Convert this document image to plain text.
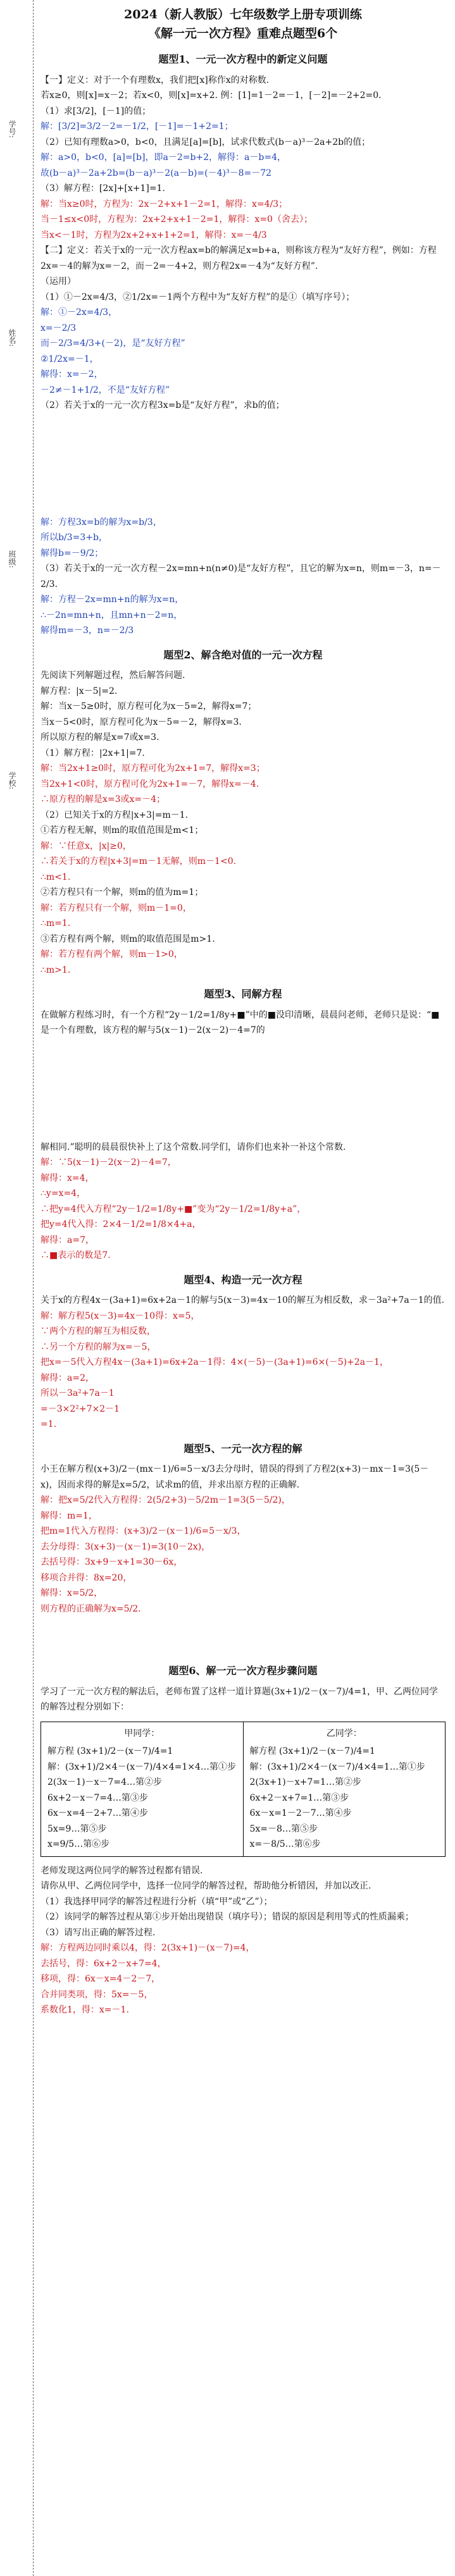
学号:
姓名:
班级:
学校:
2024（新人教版）七年级数学上册专项训练
《解一元一次方程》重难点题型6个
题型1、一元一次方程中的新定义问题

【一】定义：对于一个有理数x，我们把[x]称作x的对称数.

若x≥0，则[x]=x－2；若x<0，则[x]=x+2. 例：[1]=1－2=－1，[－2]=－2+2=0.

（1）求[3/2]，[－1]的值；

解：[3/2]=3/2－2=－1/2，[－1]=－1+2=1；

（2）已知有理数a>0，b<0，且满足[a]=[b]，试求代数式(b－a)³－2a+2b的值；

解：a>0，b<0，[a]=[b]，即a－2=b+2，解得：a－b=4，

故(b－a)³－2a+2b=(b－a)³－2(a－b)=(－4)³－8=－72

（3）解方程：[2x]+[x+1]=1.

解：当x≥0时，方程为：2x－2+x+1－2=1，解得：x=4/3；

当－1≤x<0时，方程为：2x+2+x+1－2=1，解得：x=0（舍去）；

当x<－1时，方程为2x+2+x+1+2=1，解得：x=－4/3

【二】定义：若关于x的一元一次方程ax=b的解满足x=b+a，则称该方程为“友好方程”，例如：方程2x=－4的解为x=－2，而－2=－4+2，则方程2x=－4为“友好方程”.

（运用）

（1）①－2x=4/3，②1/2x=－1两个方程中为“友好方程”的是①（填写序号）；

解：①－2x=4/3，

x=－2/3

而－2/3=4/3+(－2)，是“友好方程”

②1/2x=－1，

解得：x=－2，

－2≠－1+1/2，不是“友好方程”

（2）若关于x的一元一次方程3x=b是“友好方程”，求b的值；

解：方程3x=b的解为x=b/3，

所以b/3=3+b，

解得b=－9/2；

（3）若关于x的一元一次方程－2x=mn+n(n≠0)是“友好方程”，且它的解为x=n，则m=－3，n=－2/3.

解：方程－2x=mn+n的解为x=n，

∴－2n=mn+n，且mn+n－2=n，

解得m=－3，n=－2/3

题型2、解含绝对值的一元一次方程

先阅读下列解题过程，然后解答问题.

解方程：|x－5|=2.

解：当x－5≥0时，原方程可化为x－5=2，解得x=7；

当x－5<0时，原方程可化为x－5=－2，解得x=3.

所以原方程的解是x=7或x=3.

（1）解方程：|2x+1|=7.

解：当2x+1≥0时，原方程可化为2x+1=7，解得x=3；

当2x+1<0时，原方程可化为2x+1=－7，解得x=－4.

∴原方程的解是x=3或x=－4；

（2）已知关于x的方程|x+3|=m－1.

①若方程无解，则m的取值范围是m<1；

解：∵任意x，|x|≥0，

∴若关于x的方程|x+3|=m－1无解，则m－1<0.

∴m<1.

②若方程只有一个解，则m的值为m=1；

解：若方程只有一个解，则m－1=0，

∴m=1.

③若方程有两个解，则m的取值范围是m>1.

解：若方程有两个解，则m－1>0，

∴m>1.

题型3、同解方程

在做解方程练习时，有一个方程“2y－1/2=1/8y+■”中的■没印清晰，晨晨问老师，老师只是说：“■是一个有理数，该方程的解与5(x－1)－2(x－2)－4=7的

解相同.”聪明的晨晨很快补上了这个常数.同学们，请你们也来补一补这个常数.

解：∵5(x－1)－2(x－2)－4=7，

解得：x=4，

∴y=x=4，

∴把y=4代入方程“2y－1/2=1/8y+■”变为“2y－1/2=1/8y+a”，

把y=4代入得：2×4－1/2=1/8×4+a，

解得：a=7，

∴■表示的数是7.

题型4、构造一元一次方程

关于x的方程4x－(3a+1)=6x+2a－1的解与5(x－3)=4x－10的解互为相反数，求－3a²+7a－1的值.

解：解方程5(x－3)=4x－10得：x=5，

∵两个方程的解互为相反数，

∴另一个方程的解为x=－5，

把x=－5代入方程4x－(3a+1)=6x+2a－1得：4×(－5)－(3a+1)=6×(－5)+2a－1，

解得：a=2，

所以－3a²+7a－1

=－3×2²+7×2－1

=1.

题型5、一元一次方程的解

小王在解方程(x+3)/2－(mx－1)/6=5－x/3去分母时，错误的得到了方程2(x+3)－mx－1=3(5－x)，因而求得的解是x=5/2，试求m的值，并求出原方程的正确解.

解：把x=5/2代入方程得：2(5/2+3)－5/2m－1=3(5－5/2)，

解得：m=1，

把m=1代入方程得：(x+3)/2－(x－1)/6=5－x/3，

去分母得：3(x+3)－(x－1)=3(10－2x)，

去括号得：3x+9－x+1=30－6x，

移项合并得：8x=20，

解得：x=5/2，

则方程的正确解为x=5/2.

题型6、解一元一次方程步骤问题

学习了一元一次方程的解法后，老师布置了这样一道计算题(3x+1)/2－(x－7)/4=1，甲、乙两位同学的解答过程分别如下：

甲同学：

解方程 (3x+1)/2－(x－7)/4=1

解：(3x+1)/2×4－(x－7)/4×4=1×4…第①步

2(3x－1)－x－7=4…第②步

6x+2－x－7=4…第③步

6x－x=4－2+7…第④步

5x=9…第⑤步

x=9/5…第⑥步

乙同学：

解方程 (3x+1)/2－(x－7)/4=1

解：(3x+1)/2×4－(x－7)/4×4=1…第①步

2(3x+1)－x+7=1…第②步

6x+2－x+7=1…第③步

6x－x=1－2－7…第④步

5x=－8…第⑤步

x=－8/5…第⑥步

老师发现这两位同学的解答过程都有错误.

请你从甲、乙两位同学中，选择一位同学的解答过程，帮助他分析错因，并加以改正.

（1）我选择甲同学的解答过程进行分析（填“甲”或“乙”）；

（2）该同学的解答过程从第①步开始出现错误（填序号）；错误的原因是利用等式的性质漏乘；

（3）请写出正确的解答过程.

解：方程两边同时乘以4，得：2(3x+1)－(x－7)=4，

去括号，得：6x+2－x+7=4，

移项，得：6x－x=4－2－7，

合并同类项，得：5x=－5，

系数化1，得：x=－1.
